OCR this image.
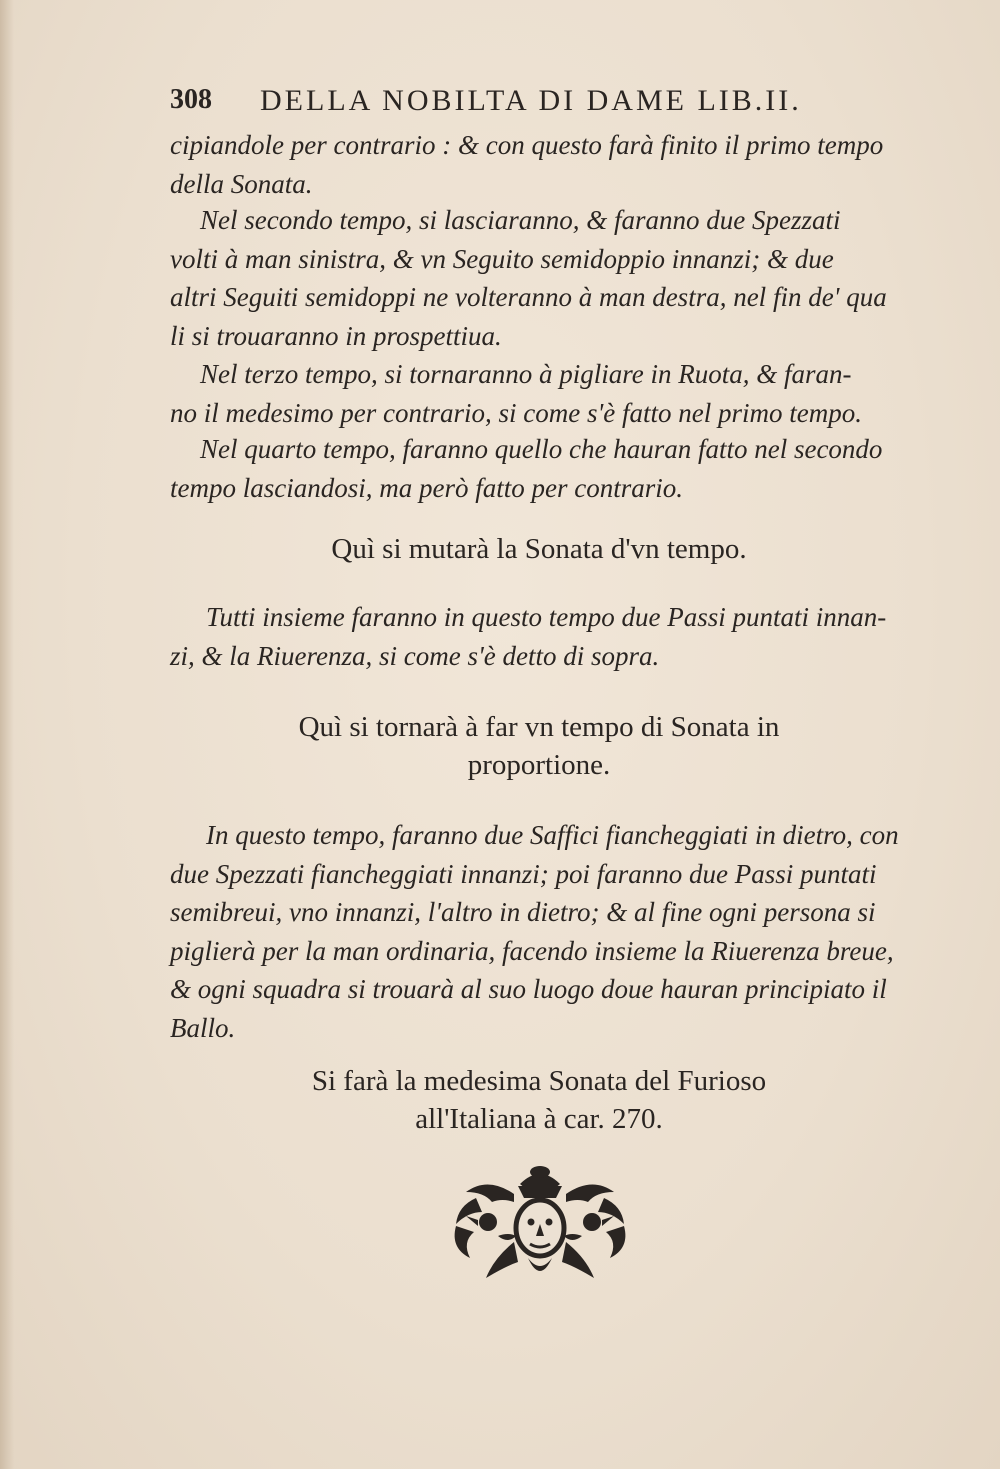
308 DELLA NOBILTA DI DAME LIB.II.
cipiandole per contrario : & con questo farà finito il primo tempo
della Sonata.
Nel secondo tempo, si lasciaranno, & faranno due Spezzati
volti à man sinistra, & vn Seguito semidoppio innanzi; & due
altri Seguiti semidoppi ne volteranno à man destra, nel fin de' qua
li si trouaranno in prospettiua.
Nel terzo tempo, si tornaranno à pigliare in Ruota, & faran-
no il medesimo per contrario, si come s'è fatto nel primo tempo.
Nel quarto tempo, faranno quello che hauran fatto nel secondo
tempo lasciandosi, ma però fatto per contrario.
Quì si mutarà la Sonata d'vn tempo.
Tutti insieme faranno in questo tempo due Passi puntati innan-
zi, & la Riuerenza, si come s'è detto di sopra.
Quì si tornarà à far vn tempo di Sonata in
proportione.
In questo tempo, faranno due Saffici fiancheggiati in dietro, con
due Spezzati fiancheggiati innanzi; poi faranno due Passi puntati
semibreui, vno innanzi, l'altro in dietro; & al fine ogni persona si
piglierà per la man ordinaria, facendo insieme la Riuerenza breue,
& ogni squadra si trouarà al suo luogo doue hauran principiato il
Ballo.
Si farà la medesima Sonata del Furioso
all'Italiana à car. 270.
